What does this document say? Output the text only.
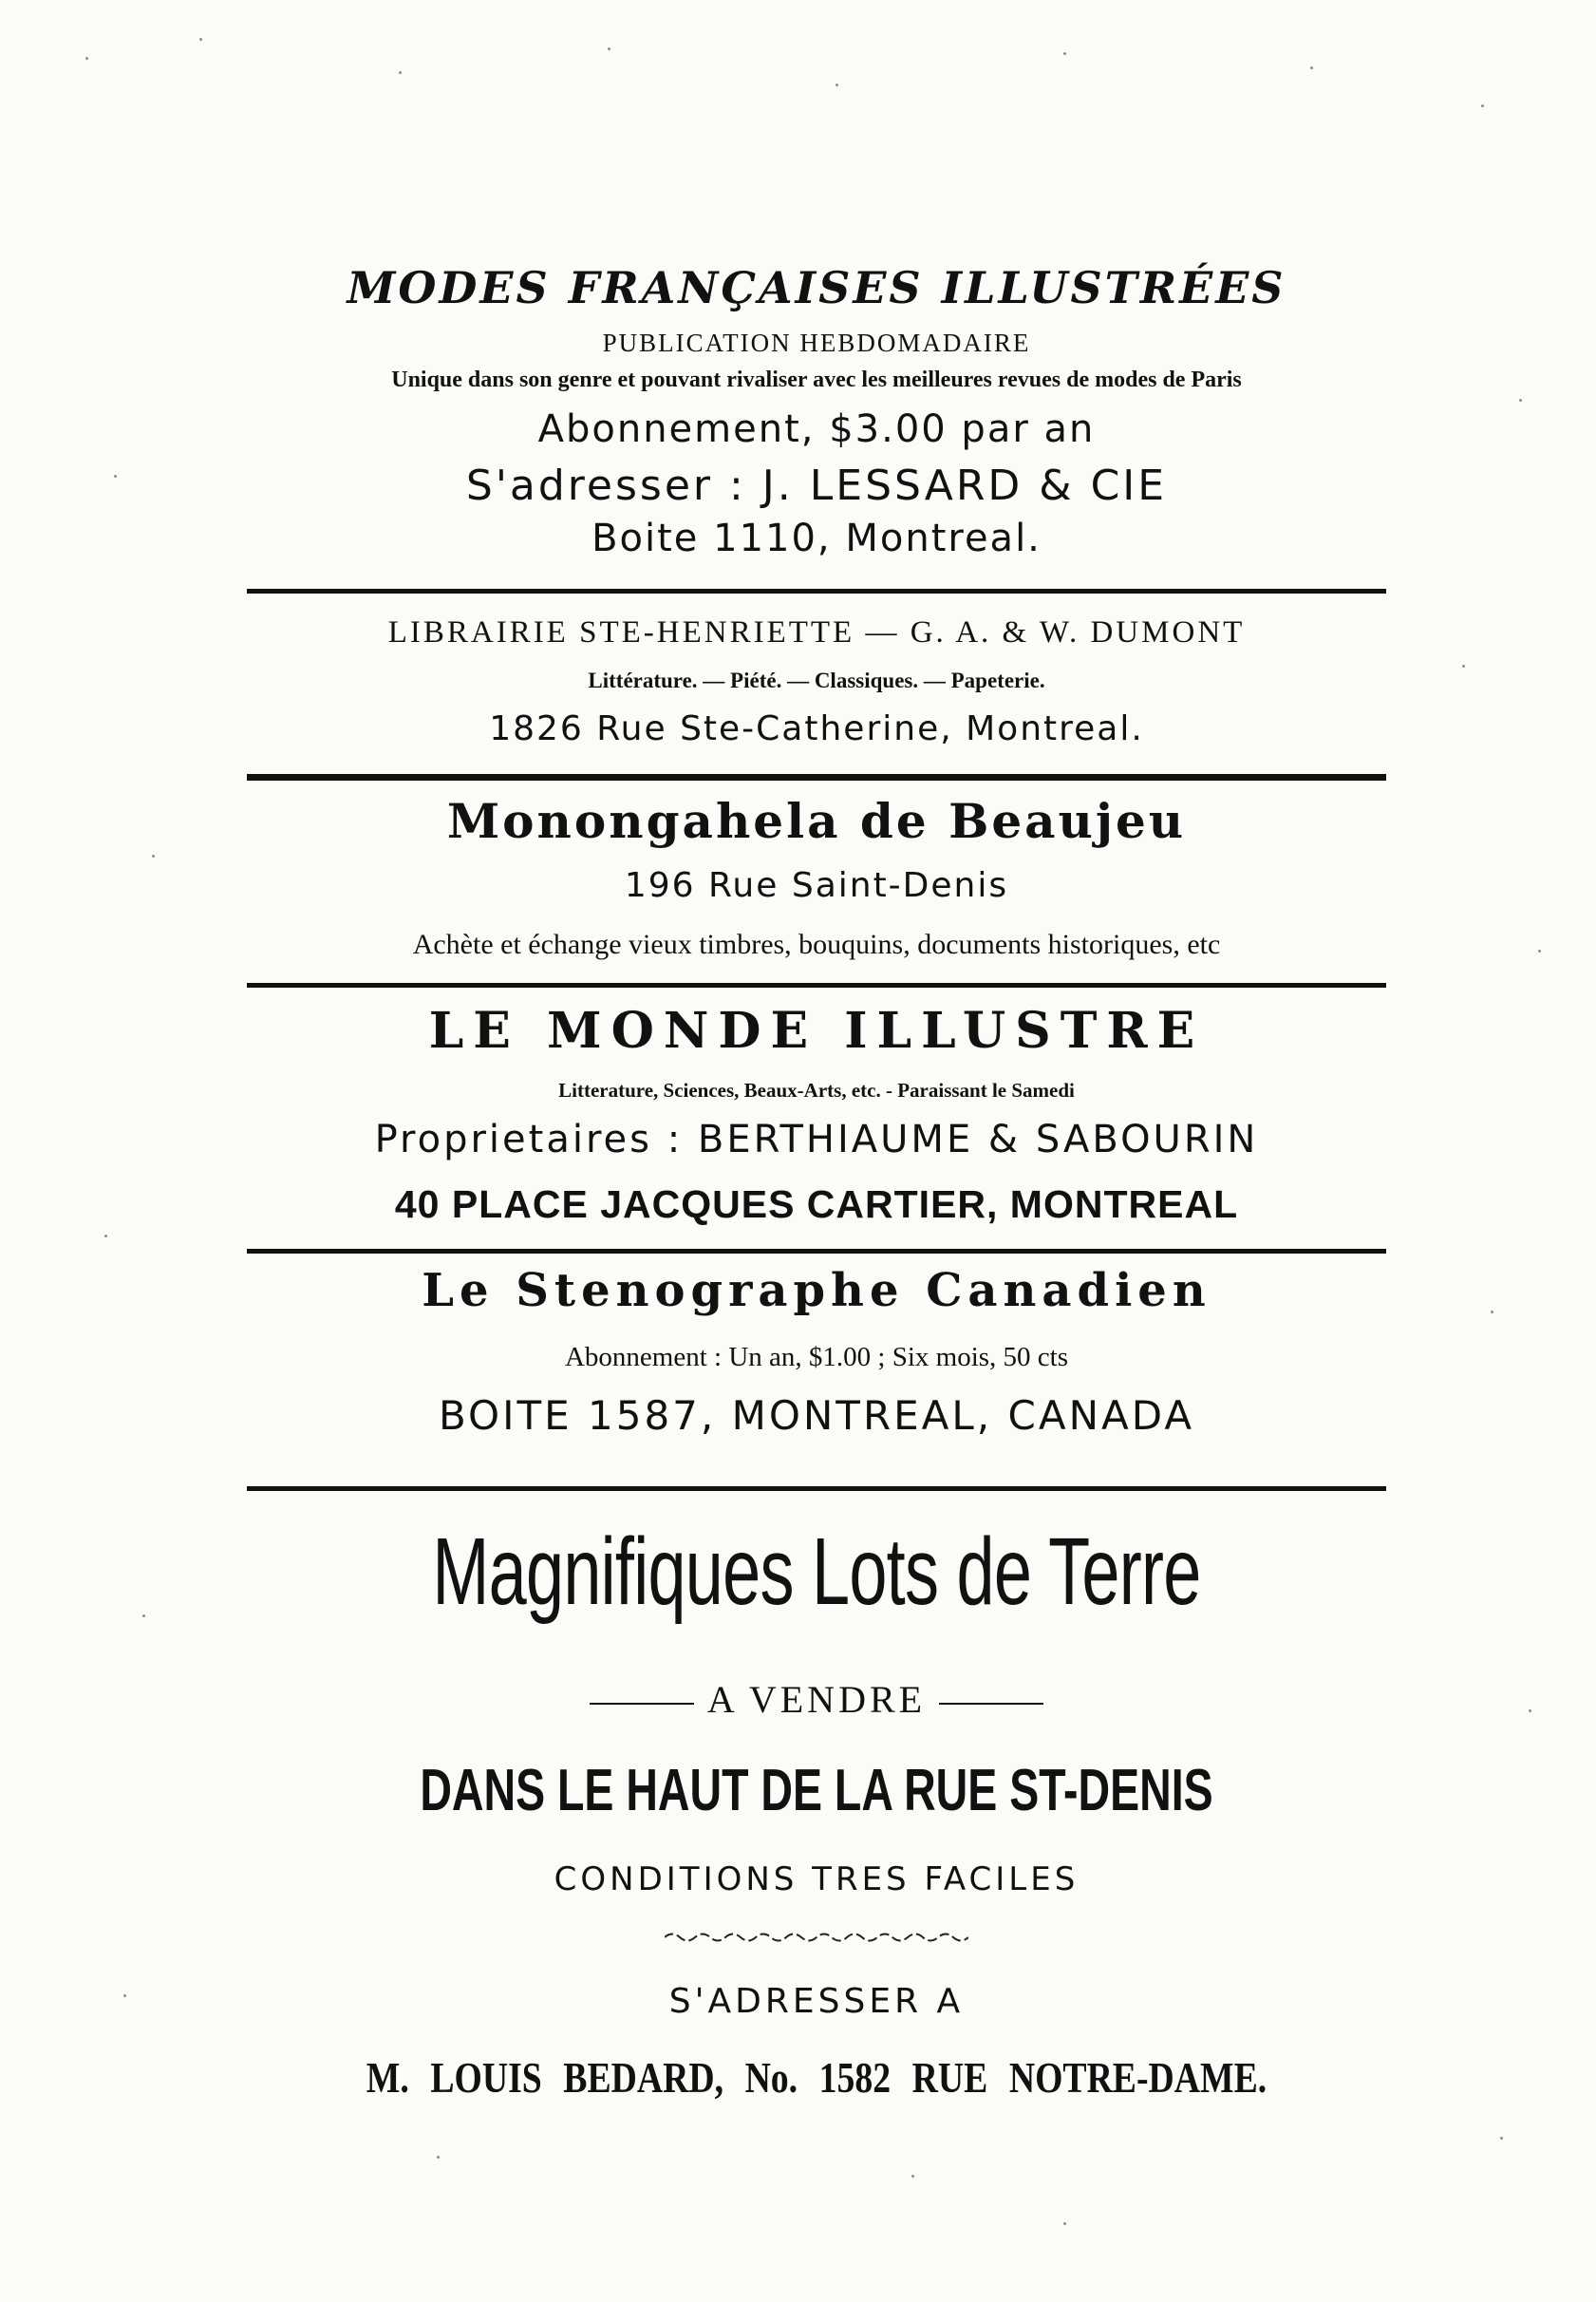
MODES FRANÇAISES ILLUSTRÉES
PUBLICATION HEBDOMADAIRE
Unique dans son genre et pouvant rivaliser avec les meilleures revues de modes de Paris
Abonnement, $3.00 par an
S'adresser : J. LESSARD & CIE
Boite 1110, Montreal.
LIBRAIRIE STE-HENRIETTE — G. A. & W. DUMONT
Littérature. — Piété. — Classiques. — Papeterie.
1826 Rue Ste-Catherine, Montreal.
Monongahela de Beaujeu
196 Rue Saint-Denis
Achète et échange vieux timbres, bouquins, documents historiques, etc
LE MONDE ILLUSTRE
Litterature, Sciences, Beaux-Arts, etc. - Paraissant le Samedi
Proprietaires : BERTHIAUME & SABOURIN
40 PLACE JACQUES CARTIER, MONTREAL
Le Stenographe Canadien
Abonnement : Un an, $1.00 ; Six mois, 50 cts
BOITE 1587, MONTREAL, CANADA
Magnifiques Lots de Terre
A VENDRE
DANS LE HAUT DE LA RUE ST-DENIS
CONDITIONS TRES FACILES
S'ADRESSER A
M. LOUIS BEDARD, No. 1582 RUE NOTRE-DAME.
